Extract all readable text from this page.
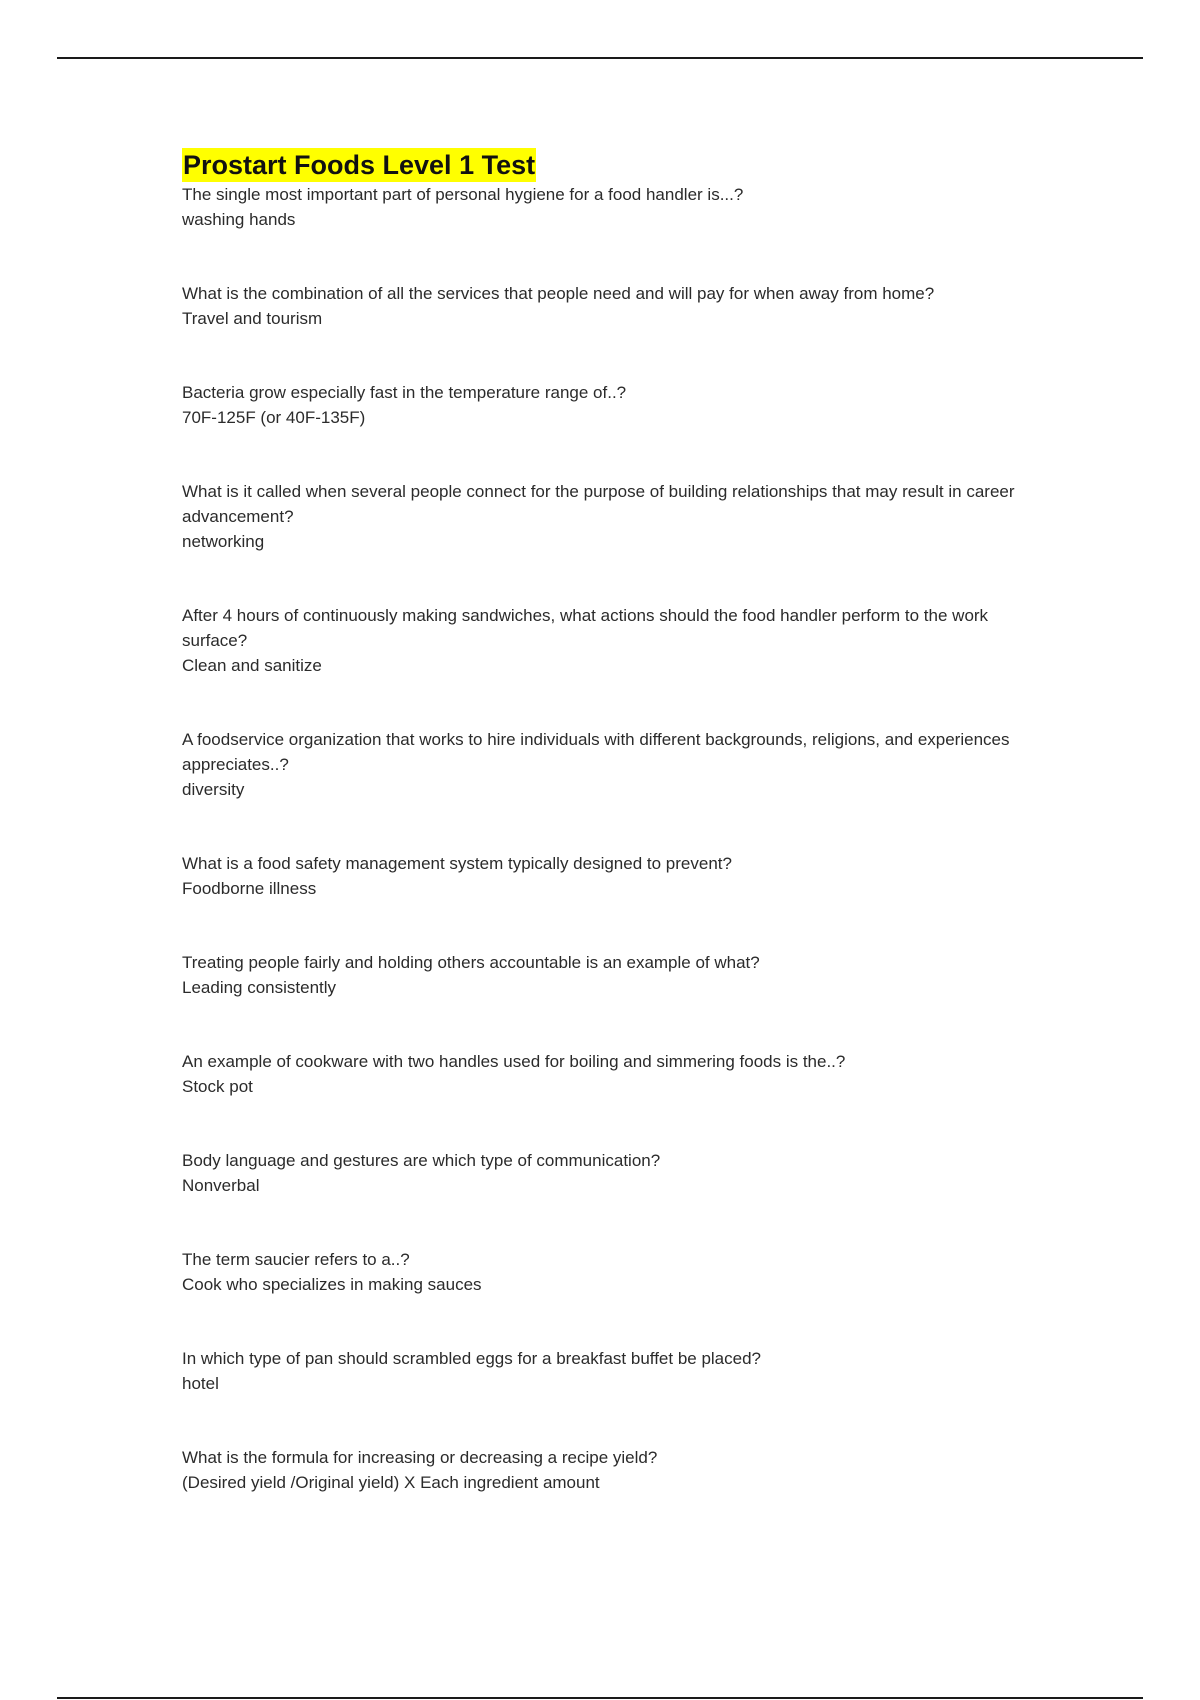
Prostart Foods Level 1 Test
The single most important part of personal hygiene for a food handler is...?
washing hands
What is the combination of all the services that people need and will pay for when away from home?
Travel and tourism
Bacteria grow especially fast in the temperature range of..?
70F-125F (or 40F-135F)
What is it called when several people connect for the purpose of building relationships that may result in career advancement?
networking
After 4 hours of continuously making sandwiches, what actions should the food handler perform to the work surface?
Clean and sanitize
A foodservice organization that works to hire individuals with different backgrounds, religions, and experiences appreciates..?
diversity
What is a food safety management system typically designed to prevent?
Foodborne illness
Treating people fairly and holding others accountable is an example of what?
Leading consistently
An example of cookware with two handles used for boiling and simmering foods is the..?
Stock pot
Body language and gestures are which type of communication?
Nonverbal
The term saucier refers to a..?
Cook who specializes in making sauces
In which type of pan should scrambled eggs for a breakfast buffet be placed?
hotel
What is the formula for increasing or decreasing a recipe yield?
(Desired yield /Original yield) X Each ingredient amount
